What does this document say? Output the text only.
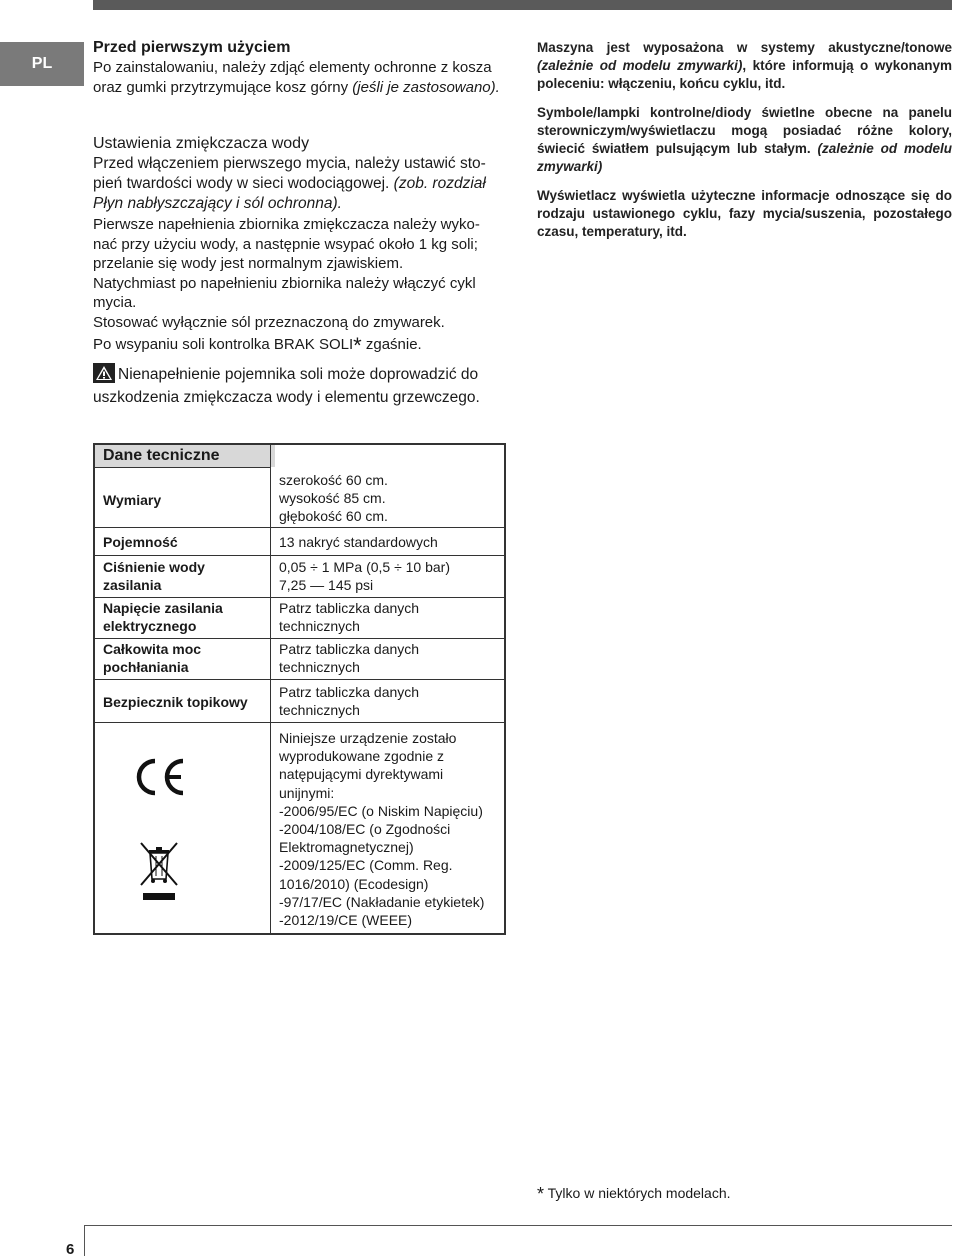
PL
Przed pierwszym użyciem

Po zainstalowaniu, należy zdjąć elementy ochronne z kosza
oraz gumki przytrzymujące kosz górny (jeśli je zastosowano).

Ustawienia zmiękczacza wody

Przed włączeniem pierwszego mycia, należy ustawić sto-
pień twardości wody w sieci wodociągowej. (zob. rozdział
Płyn nabłyszczający i sól ochronna).

Pierwsze napełnienia zbiornika zmiękczacza należy wyko-
nać przy użyciu wody, a następnie wsypać około 1 kg soli;
przelanie się wody jest normalnym zjawiskiem.

Natychmiast po napełnieniu zbiornika należy włączyć cykl
mycia.

Stosować wyłącznie sól przeznaczoną do zmywarek.

Po wsypaniu soli kontrolka BRAK SOLI* zgaśnie.

Nienapełnienie pojemnika soli może doprowadzić do
uszkodzenia zmiękczacza wody i elementu grzewczego.

Maszyna jest wyposażona w systemy akustyczne/tonowe (zależnie od modelu zmywarki), które informują o wykonanym poleceniu: włączeniu, końcu cyklu, itd.

Symbole/lampki kontrolne/diody świetlne obecne na panelu sterowniczym/wyświetlaczu mogą posiadać różne kolory, świecić światłem pulsującym lub stałym. (zależnie od modelu zmywarki)

Wyświetlacz wyświetla użyteczne informacje odnoszące się do rodzaju ustawionego cyklu, fazy mycia/suszenia, pozostałego czasu, temperatury, itd.

Dane tecniczne
Wymiary
szerokość 60 cm.
wysokość 85 cm.
głębokość 60 cm.
Pojemność	13 nakryć standardowych
Ciśnienie wody
zasilania
0,05 ÷ 1 MPa (0,5 ÷ 10 bar)
7,25 — 145 psi
Napięcie zasilania
elektrycznego
Patrz tabliczka danych
technicznych
Całkowita moc
pochłaniania
Patrz tabliczka danych
technicznych
Bezpiecznik topikowy
Patrz tabliczka danych
technicznych
Niniejsze urządzenie zostało
wyprodukowane zgodnie z
natępującymi dyrektywami
unijnymi:
-2006/95/EC (o Niskim Napięciu)
-2004/108/EC (o Zgodności
Elektromagnetycznej)
-2009/125/EC (Comm. Reg.
1016/2010) (Ecodesign)
-97/17/EC (Nakładanie etykietek)
-2012/19/CE (WEEE)
* Tylko w niektórych modelach.
6
